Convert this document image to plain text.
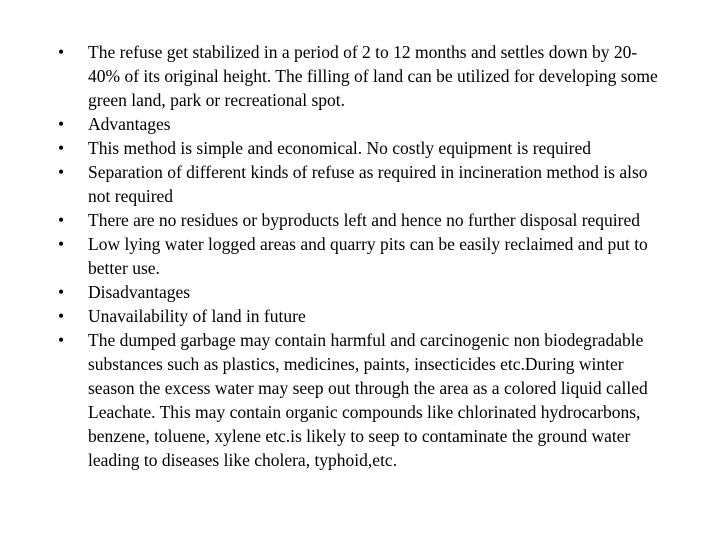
•	The refuse get stabilized in a period of 2 to 12 months and settles down by 20-40% of its original height. The filling of land can be utilized for developing some green land, park or recreational spot.
•	Advantages
•	This method is simple and economical. No costly equipment is required
•	Separation of different kinds of refuse as required in incineration method is also not required
•	There are no residues or byproducts left and hence no further disposal required
•	Low lying water logged areas and quarry pits can be easily reclaimed and put to better use.
•	Disadvantages
•	Unavailability of land in future
•	The dumped garbage may contain harmful and carcinogenic non biodegradable substances such as plastics, medicines, paints, insecticides etc.During winter season the excess water may seep out through the area as a colored liquid called Leachate. This may contain organic compounds like chlorinated hydrocarbons, benzene, toluene, xylene etc.is likely to seep to contaminate the ground water leading to diseases like cholera, typhoid,etc.
